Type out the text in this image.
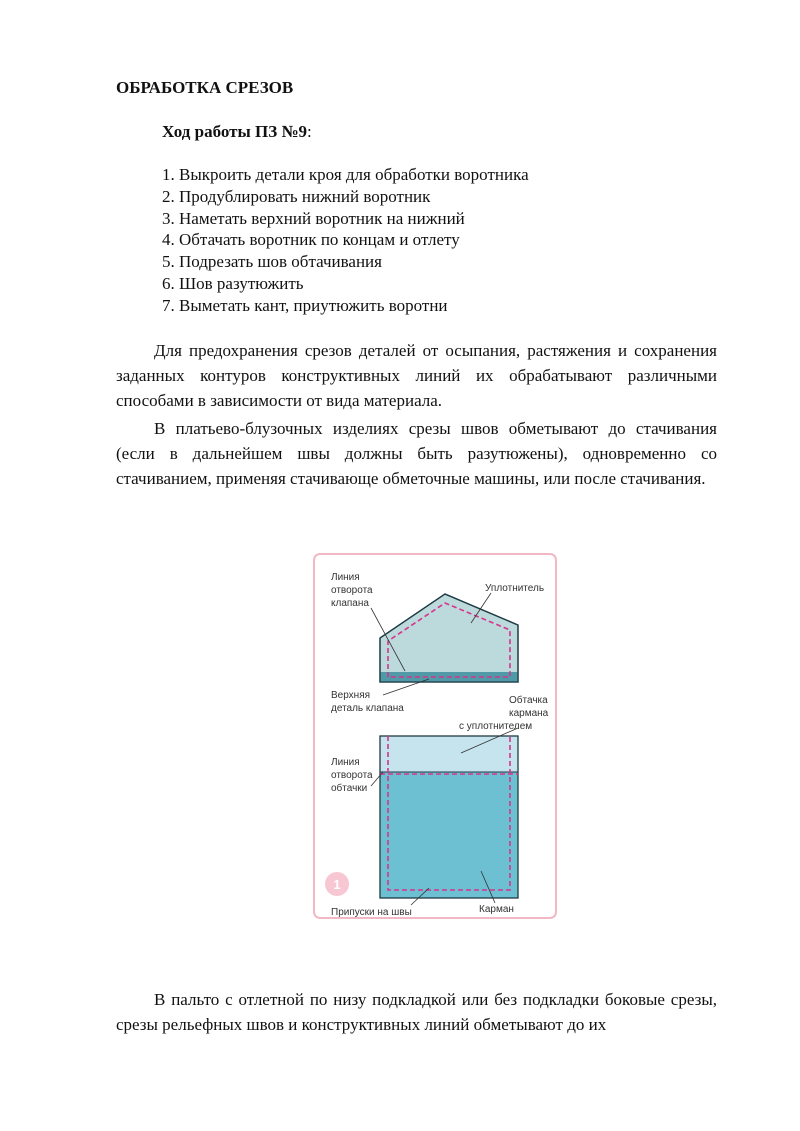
ОБРАБОТКА СРЕЗОВ

Ход работы ПЗ №9:

1. Выкроить детали кроя для обработки воротника
2. Продублировать нижний воротник
3. Наметать верхний воротник на нижний
4. Обтачать воротник по концам и отлету
5. Подрезать шов обтачивания
6. Шов разутюжить
7. Выметать кант, приутюжить воротни

Для предохранения срезов деталей от осыпания, растяжения и сохранения заданных контуров конструктивных линий их обрабатывают различными способами в зависимости от вида материала.

В платьево-блузочных изделиях срезы швов обметывают до стачивания (если в дальнейшем швы должны быть разутюжены), одновременно со стачиванием, применяя стачивающе обметочные машины, или после стачивания.

Линия
отворота
клапана
Уплотнитель
Верхняя
деталь клапана
Обтачка
кармана
с уплотнителем
Линия
отворота
обтачки
Припуски на швы	Карман
1

В пальто с отлетной по низу подкладкой или без подкладки боковые срезы, срезы рельефных швов и конструктивных линий обметывают до их
